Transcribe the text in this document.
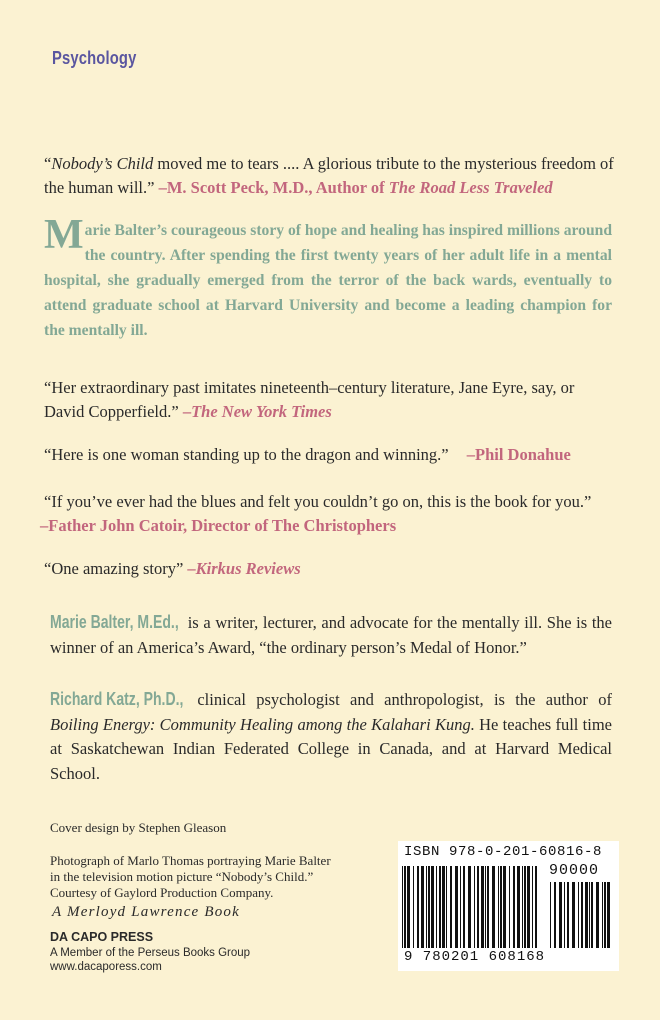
Psychology
“Nobody’s Child moved me to tears .... A glorious tribute to the mysterious freedom of the human will.” –M. Scott Peck, M.D., Author of The Road Less Traveled
Marie Balter’s courageous story of hope and healing has inspired millions around the country. After spending the first twenty years of her adult life in a mental hospital, she gradually emerged from the terror of the back wards, eventually to attend graduate school at Harvard University and become a leading champion for the mentally ill.
“Her extraordinary past imitates nineteenth–century literature, Jane Eyre, say, or David Copperfield.” –The New York Times
“Here is one woman standing up to the dragon and winning.” –Phil Donahue
“If you’ve ever had the blues and felt you couldn’t go on, this is the book for you.”
–Father John Catoir, Director of The Christophers
“One amazing story” –Kirkus Reviews
Marie Balter, M.Ed., is a writer, lecturer, and advocate for the mentally ill. She is the winner of an America’s Award, “the ordinary person’s Medal of Honor.”
Richard Katz, Ph.D., clinical psychologist and anthropologist, is the author of Boiling Energy: Community Healing among the Kalahari Kung. He teaches full time at Saskatchewan Indian Federated College in Canada, and at Harvard Medical School.
Cover design by Stephen Gleason
Photograph of Marlo Thomas portraying Marie Balter
in the television motion picture “Nobody’s Child.”
Courtesy of Gaylord Production Company.
A Merloyd Lawrence Book
DA CAPO PRESS
A Member of the Perseus Books Group
www.dacaporess.com
ISBN 978-0-201-60816-8
90000
9 780201 608168
